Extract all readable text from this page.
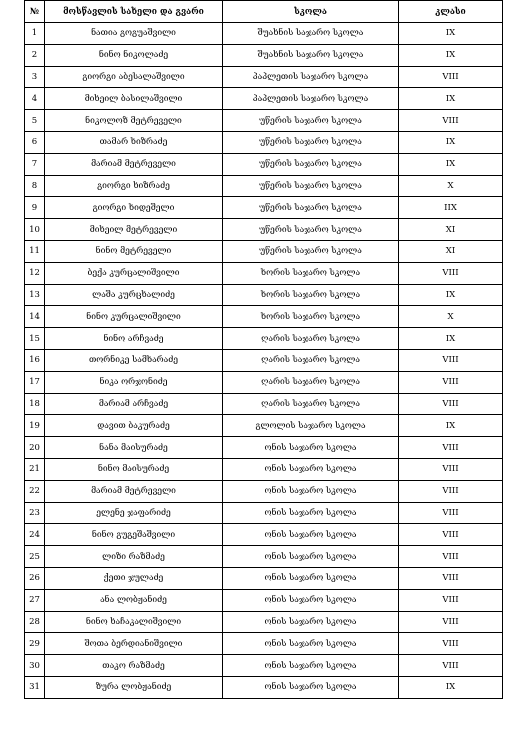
№	მოსწავლის სახელი და გვარი	სკოლა	კლასი
1	ნათია გოგუაშვილი	შუახნის საჯარო სკოლა	IX
2	ნინო ნიკოლაძე	შუახნის საჯარო სკოლა	IX
3	გიორგი აბესალაშვილი	პაპლეთის საჯარო სკოლა	VIII
4	მიხეილ ბასილაშვილი	პაპლეთის საჯარო სკოლა	IX
5	ნიკოლოზ მეტრეველი	უწერის საჯარო სკოლა	VIII
6	თამარ ხიზრაძე	უწერის საჯარო სკოლა	IX
7	მარიამ მეტრეველი	უწერის საჯარო სკოლა	IX
8	გიორგი ხიზრაძე	უწერის საჯარო სკოლა	X
9	გიორგი ხიდეშელი	უწერის საჯარო სკოლა	IIX
10	მიხეილ მეტრეველი	უწერის საჯარო სკოლა	XI
11	ნინო მეტრეველი	უწერის საჯარო სკოლა	XI
12	ბექა კურცალიშვილი	ხორის საჯარო სკოლა	VIII
13	ლაშა კურცხალიძე	ხორის საჯარო სკოლა	IX
14	ნინო კურცალიშვილი	ხორის საჯარო სკოლა	X
15	ნინო არჩვაძე	ღარის საჯარო სკოლა	IX
16	თორნიკე სამხარაძე	ღარის საჯარო სკოლა	VIII
17	ნიკა ორჯონიძე	ღარის საჯარო სკოლა	VIII
18	მარიამ არჩვაძე	ღარის საჯარო სკოლა	VIII
19	დავით ბაკურაძე	გლოლის საჯარო სკოლა	IX
20	ნანა მაისურაძე	ონის საჯარო სკოლა	VIII
21	ნინო მაისურაძე	ონის საჯარო სკოლა	VIII
22	მარიამ მეტრეველი	ონის საჯარო სკოლა	VIII
23	ელენე ჯაფარიძე	ონის საჯარო სკოლა	VIII
24	ნინო გუგეშაშვილი	ონის საჯარო სკოლა	VIII
25	ლიზი რაზმაძე	ონის საჯარო სკოლა	VIII
26	ქეთი ჯულაძე	ონის საჯარო სკოლა	VIII
27	ანა ლობჟანიძე	ონის საჯარო სკოლა	VIII
28	ნინო ხაჩაკალიშვილი	ონის საჯარო სკოლა	VIII
29	შოთა ბერდიანიშვილი	ონის საჯარო სკოლა	VIII
30	თაკო რაზმაძე	ონის საჯარო სკოლა	VIII
31	ზურა ლობჟანიძე	ონის საჯარო სკოლა	IX
